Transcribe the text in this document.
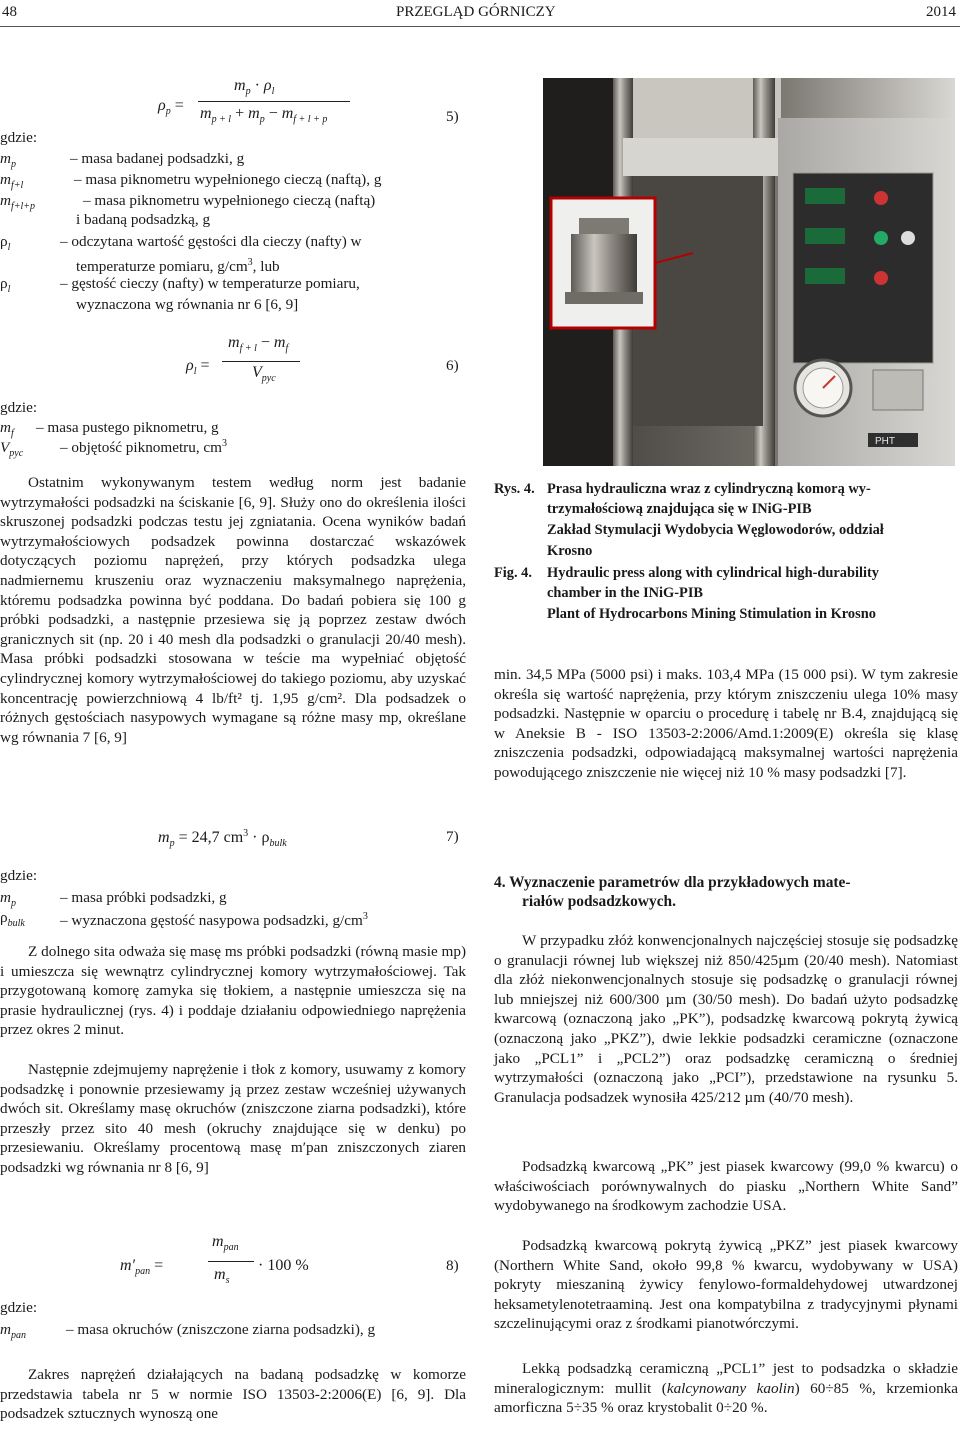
48	PRZEGLĄD GÓRNICZY	2014
$\rho_p$ =
$m_p \cdot \rho_l$
$m_{p + l} + m_p - m_{f + l + p}$	5)
gdzie:
$m_p$	– masa badanej podsadzki, g
$m_{f+l}$	– masa piknometru wypełnionego cieczą (naftą), g
$m_{f+l+p}$	– masa piknometru wypełnionego cieczą (naftą)
i badaną podsadzką, g
$\rho_l$	– odczytana wartość gęstości dla cieczy (nafty) w
temperaturze pomiaru, $g/cm^3$, lub
$\rho_l$	– gęstość cieczy (nafty) w temperaturze pomiaru,
wyznaczona wg równania nr 6 [6, 9]
$\rho_l$ =
$m_{f + l} - m_f$
$V_{pyc}$
6)
gdzie:
$m_f$ – masa pustego piknometru, g
$V_{pyc}$ – objętość piknometru, $cm^3$

Ostatnim wykonywanym testem według norm jest badanie wytrzymałości podsadzki na ściskanie [6, 9]. Służy ono do określenia ilości skruszonej podsadzki podczas testu jej zgniatania. Ocena wyników badań wytrzymałościowych podsadzek powinna dostarczać wskazówek dotyczących poziomu naprężeń, przy których podsadzka ulega nadmiernemu kruszeniu oraz wyznaczeniu maksymalnego naprężenia, któremu podsadzka powinna być poddana. Do badań pobiera się 100 g próbki podsadzki, a następnie przesiewa się ją poprzez zestaw dwóch granicznych sit (np. 20 i 40 mesh dla podsadzki o granulacji 20/40 mesh). Masa próbki podsadzki stosowana w teście ma wypełniać objętość cylindrycznej komory wytrzymałościowej do takiego poziomu, aby uzyskać koncentrację powierzchniową 4 lb/ft² tj. 1,95 g/cm². Dla podsadzek o różnych gęstościach nasypowych wymagane są różne masy mp, określane wg równania 7 [6, 9]

$m_p = 24,7$ $cm^3 \cdot \rho_{bulk}$	7)
gdzie:
$m_p$	– masa próbki podsadzki, g
$\rho_{bulk}$ – wyznaczona gęstość nasypowa podsadzki, $g/cm^3$

Z dolnego sita odważa się masę ms próbki podsadzki (równą masie mp) i umieszcza się wewnątrz cylindrycznej komory wytrzymałościowej. Tak przygotowaną komorę zamyka się tłokiem, a następnie umieszcza się na prasie hydraulicznej (rys. 4) i poddaje działaniu odpowiedniego naprężenia przez okres 2 minut.

Następnie zdejmujemy naprężenie i tłok z komory, usuwamy z komory podsadzkę i ponownie przesiewamy ją przez zestaw wcześniej używanych dwóch sit. Określamy masę okruchów (zniszczone ziarna podsadzki), które przeszły przez sito 40 mesh (okruchy znajdujące się w denku) po przesiewaniu. Określamy procentową masę m′pan zniszczonych ziaren podsadzki wg równania nr 8 [6, 9]

$m'_{pan}$ =
$m_{pan}$
$m_s$
· 100 %	8)
gdzie:
$m_{pan}$	– masa okruchów (zniszczone ziarna podsadzki), g

Zakres naprężeń działających na badaną podsadzkę w komorze przedstawia tabela nr 5 w normie ISO 13503-2:2006(E) [6, 9]. Dla podsadzek sztucznych wynoszą one

PHT
Rys. 4. Prasa hydrauliczna wraz z cylindryczną komorą wy-
trzymałościową znajdująca się w INiG-PIB
Zakład Stymulacji Wydobycia Węglowodorów, oddział
Krosno
Fig. 4. Hydraulic press along with cylindrical high-durability
chamber in the INiG-PIB
Plant of Hydrocarbons Mining Stimulation in Krosno

min. 34,5 MPa (5000 psi) i maks. 103,4 MPa (15 000 psi). W tym zakresie określa się wartość naprężenia, przy którym zniszczeniu ulega 10% masy podsadzki. Następnie w oparciu o procedurę i tabelę nr B.4, znajdującą się w Aneksie B - ISO 13503-2:2006/Amd.1:2009(E) określa się klasę zniszczenia podsadzki, odpowiadającą maksymalnej wartości naprężenia powodującego zniszczenie nie więcej niż 10 % masy podsadzki [7].

4. Wyznaczenie parametrów dla przykładowych mate-
riałów podsadzkowych.

W przypadku złóż konwencjonalnych najczęściej stosuje się podsadzkę o granulacji równej lub większej niż 850/425µm (20/40 mesh). Natomiast dla złóż niekonwencjonalnych stosuje się podsadzkę o granulacji równej lub mniejszej niż 600/300 µm (30/50 mesh). Do badań użyto podsadzkę kwarcową (oznaczoną jako „PK”), podsadzkę kwarcową pokrytą żywicą (oznaczoną jako „PKZ”), dwie lekkie podsadzki ceramiczne (oznaczone jako „PCL1” i „PCL2”) oraz podsadzkę ceramiczną o średniej wytrzymałości (oznaczoną jako „PCI”), przedstawione na rysunku 5. Granulacja podsadzek wynosiła 425/212 µm (40/70 mesh).

Podsadzką kwarcową „PK” jest piasek kwarcowy (99,0 % kwarcu) o właściwościach porównywalnych do piasku „Northern White Sand” wydobywanego na środkowym zachodzie USA.

Podsadzką kwarcową pokrytą żywicą „PKZ” jest piasek kwarcowy (Northern White Sand, około 99,8 % kwarcu, wydobywany w USA) pokryty mieszaniną żywicy fenylowo-formaldehydowej utwardzonej heksametylenotetraaminą. Jest ona kompatybilna z tradycyjnymi płynami szczelinującymi oraz z środkami pianotwórczymi.

Lekką podsadzką ceramiczną „PCL1” jest to podsadzka o składzie mineralogicznym: mullit (kalcynowany kaolin) 60÷85 %, krzemionka amorficzna 5÷35 % oraz krystobalit 0÷20 %.
